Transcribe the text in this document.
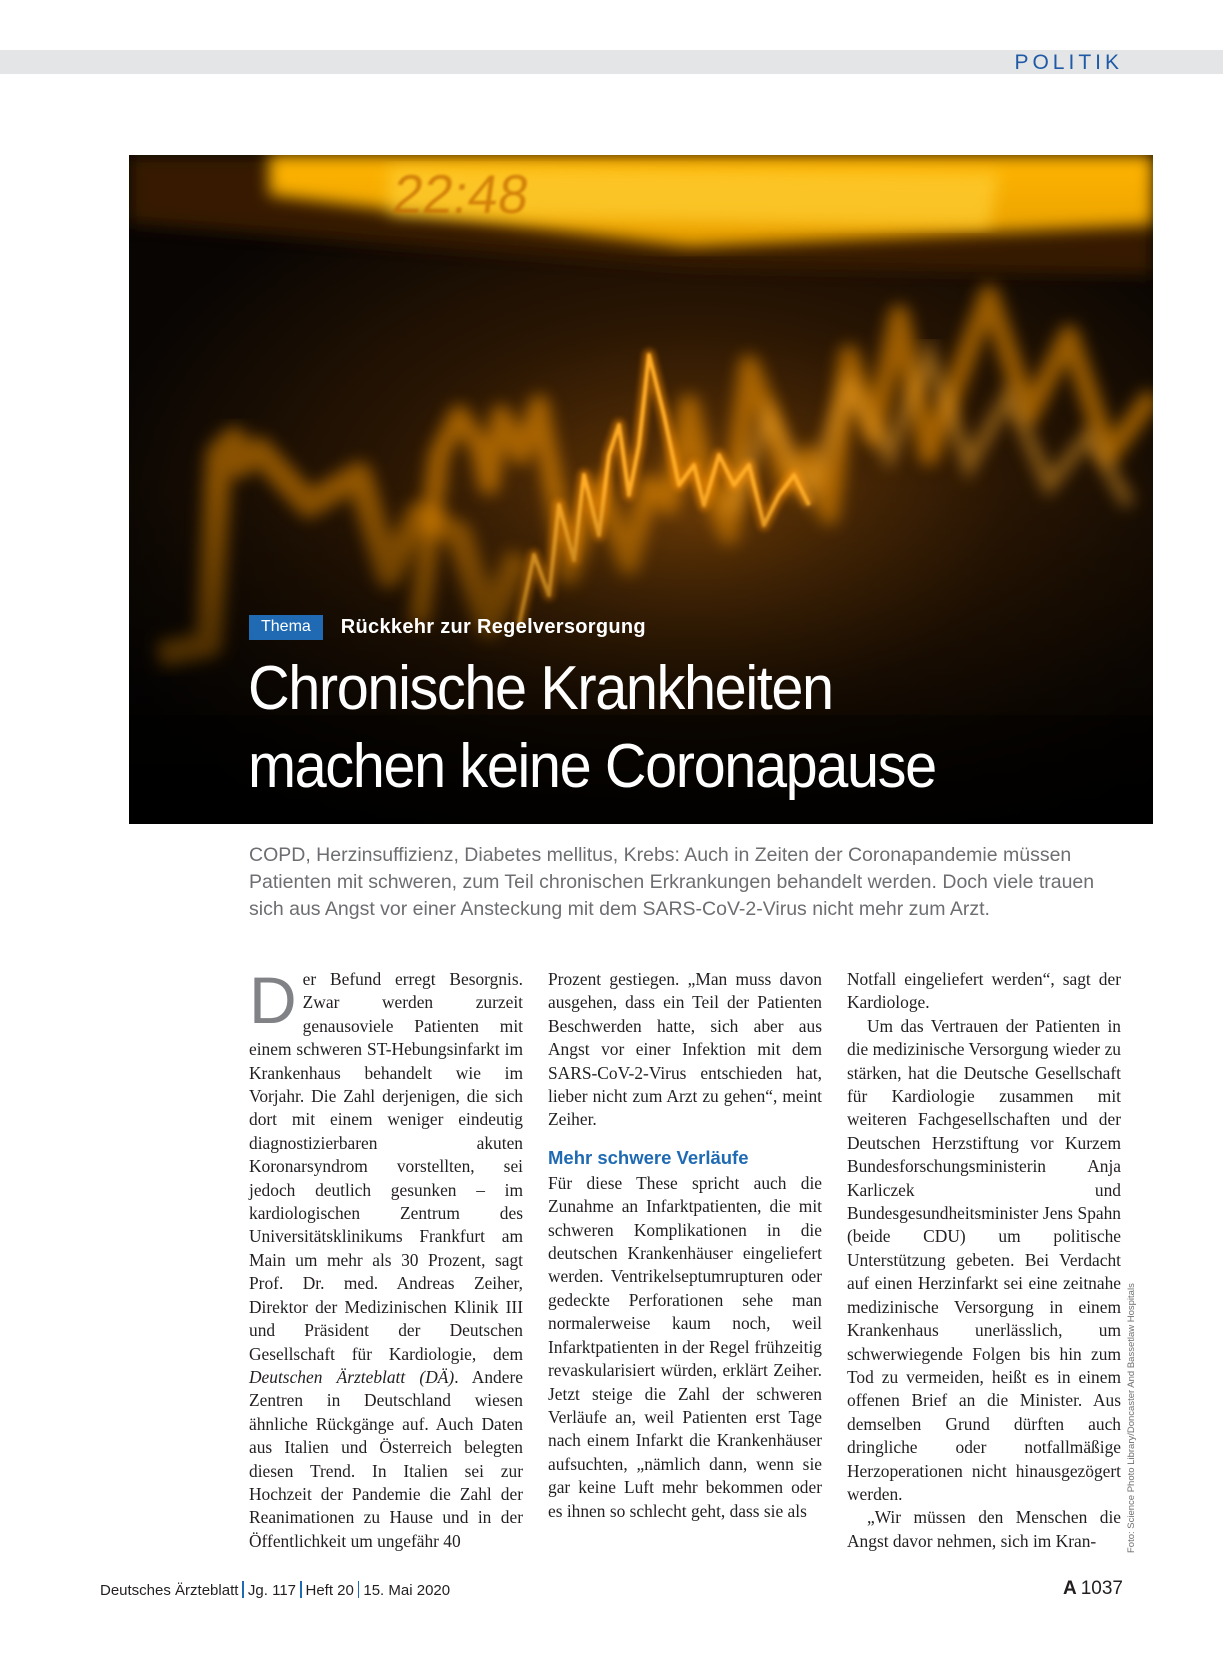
POLITIK
22:48
Thema	Rückkehr zur Regelversorgung
Chronische Krankheiten
machen keine Coronapause

COPD, Herzinsuffizienz, Diabetes mellitus, Krebs: Auch in Zeiten der Coronapandemie müssen Patienten mit schweren, zum Teil chronischen Erkrankungen behandelt werden. Doch viele trauen sich aus Angst vor einer Ansteckung mit dem SARS-CoV-2-Virus nicht mehr zum Arzt.

Der Befund erregt Besorgnis. Zwar werden zurzeit genausoviele Patienten mit einem schweren ST-Hebungsinfarkt im Krankenhaus behandelt wie im Vorjahr. Die Zahl derjenigen, die sich dort mit einem weniger eindeutig diagnostizierbaren akuten Koronarsyndrom vorstellten, sei jedoch deutlich gesunken – im kardiologischen Zentrum des Universitätsklinikums Frankfurt am Main um mehr als 30 Prozent, sagt Prof. Dr. med. Andreas Zeiher, Direktor der Medizinischen Klinik III und Präsident der Deutschen Gesellschaft für Kardiologie, dem Deutschen Ärzteblatt (DÄ). Andere Zentren in Deutschland wiesen ähnliche Rückgänge auf. Auch Daten aus Italien und Österreich belegten diesen Trend. In Italien sei zur Hochzeit der Pandemie die Zahl der Reanimationen zu Hause und in der Öffentlichkeit um ungefähr 40

Prozent gestiegen. „Man muss davon ausgehen, dass ein Teil der Patienten Beschwerden hatte, sich aber aus Angst vor einer Infektion mit dem SARS-CoV-2-Virus entschieden hat, lieber nicht zum Arzt zu gehen“, meint Zeiher.

Mehr schwere Verläufe

Für diese These spricht auch die Zunahme an Infarktpatienten, die mit schweren Komplikationen in die deutschen Krankenhäuser eingeliefert werden. Ventrikelseptumrupturen oder gedeckte Perforationen sehe man normalerweise kaum noch, weil Infarktpatienten in der Regel frühzeitig revaskularisiert würden, erklärt Zeiher. Jetzt steige die Zahl der schweren Verläufe an, weil Patienten erst Tage nach einem Infarkt die Krankenhäuser aufsuchten, „nämlich dann, wenn sie gar keine Luft mehr bekommen oder es ihnen so schlecht geht, dass sie als

Notfall eingeliefert werden“, sagt der Kardiologe.

Um das Vertrauen der Patienten in die medizinische Versorgung wieder zu stärken, hat die Deutsche Gesellschaft für Kardiologie zusammen mit weiteren Fachgesellschaften und der Deutschen Herzstiftung vor Kurzem Bundesforschungsministerin Anja Karliczek und Bundesgesundheitsminister Jens Spahn (beide CDU) um politische Unterstützung gebeten. Bei Verdacht auf einen Herzinfarkt sei eine zeitnahe medizinische Versorgung in einem Krankenhaus unerlässlich, um schwerwiegende Folgen bis hin zum Tod zu vermeiden, heißt es in einem offenen Brief an die Minister. Aus demselben Grund dürften auch dringliche oder notfallmäßige Herzoperationen nicht hinausgezögert werden.

„Wir müssen den Menschen die Angst davor nehmen, sich im Kran-	Foto: Science Photo Library/Doncaster And Bassetlaw Hospitals
Deutsches Ärzteblatt Jg. 117 Heft 20 15. Mai 2020	A 1037
